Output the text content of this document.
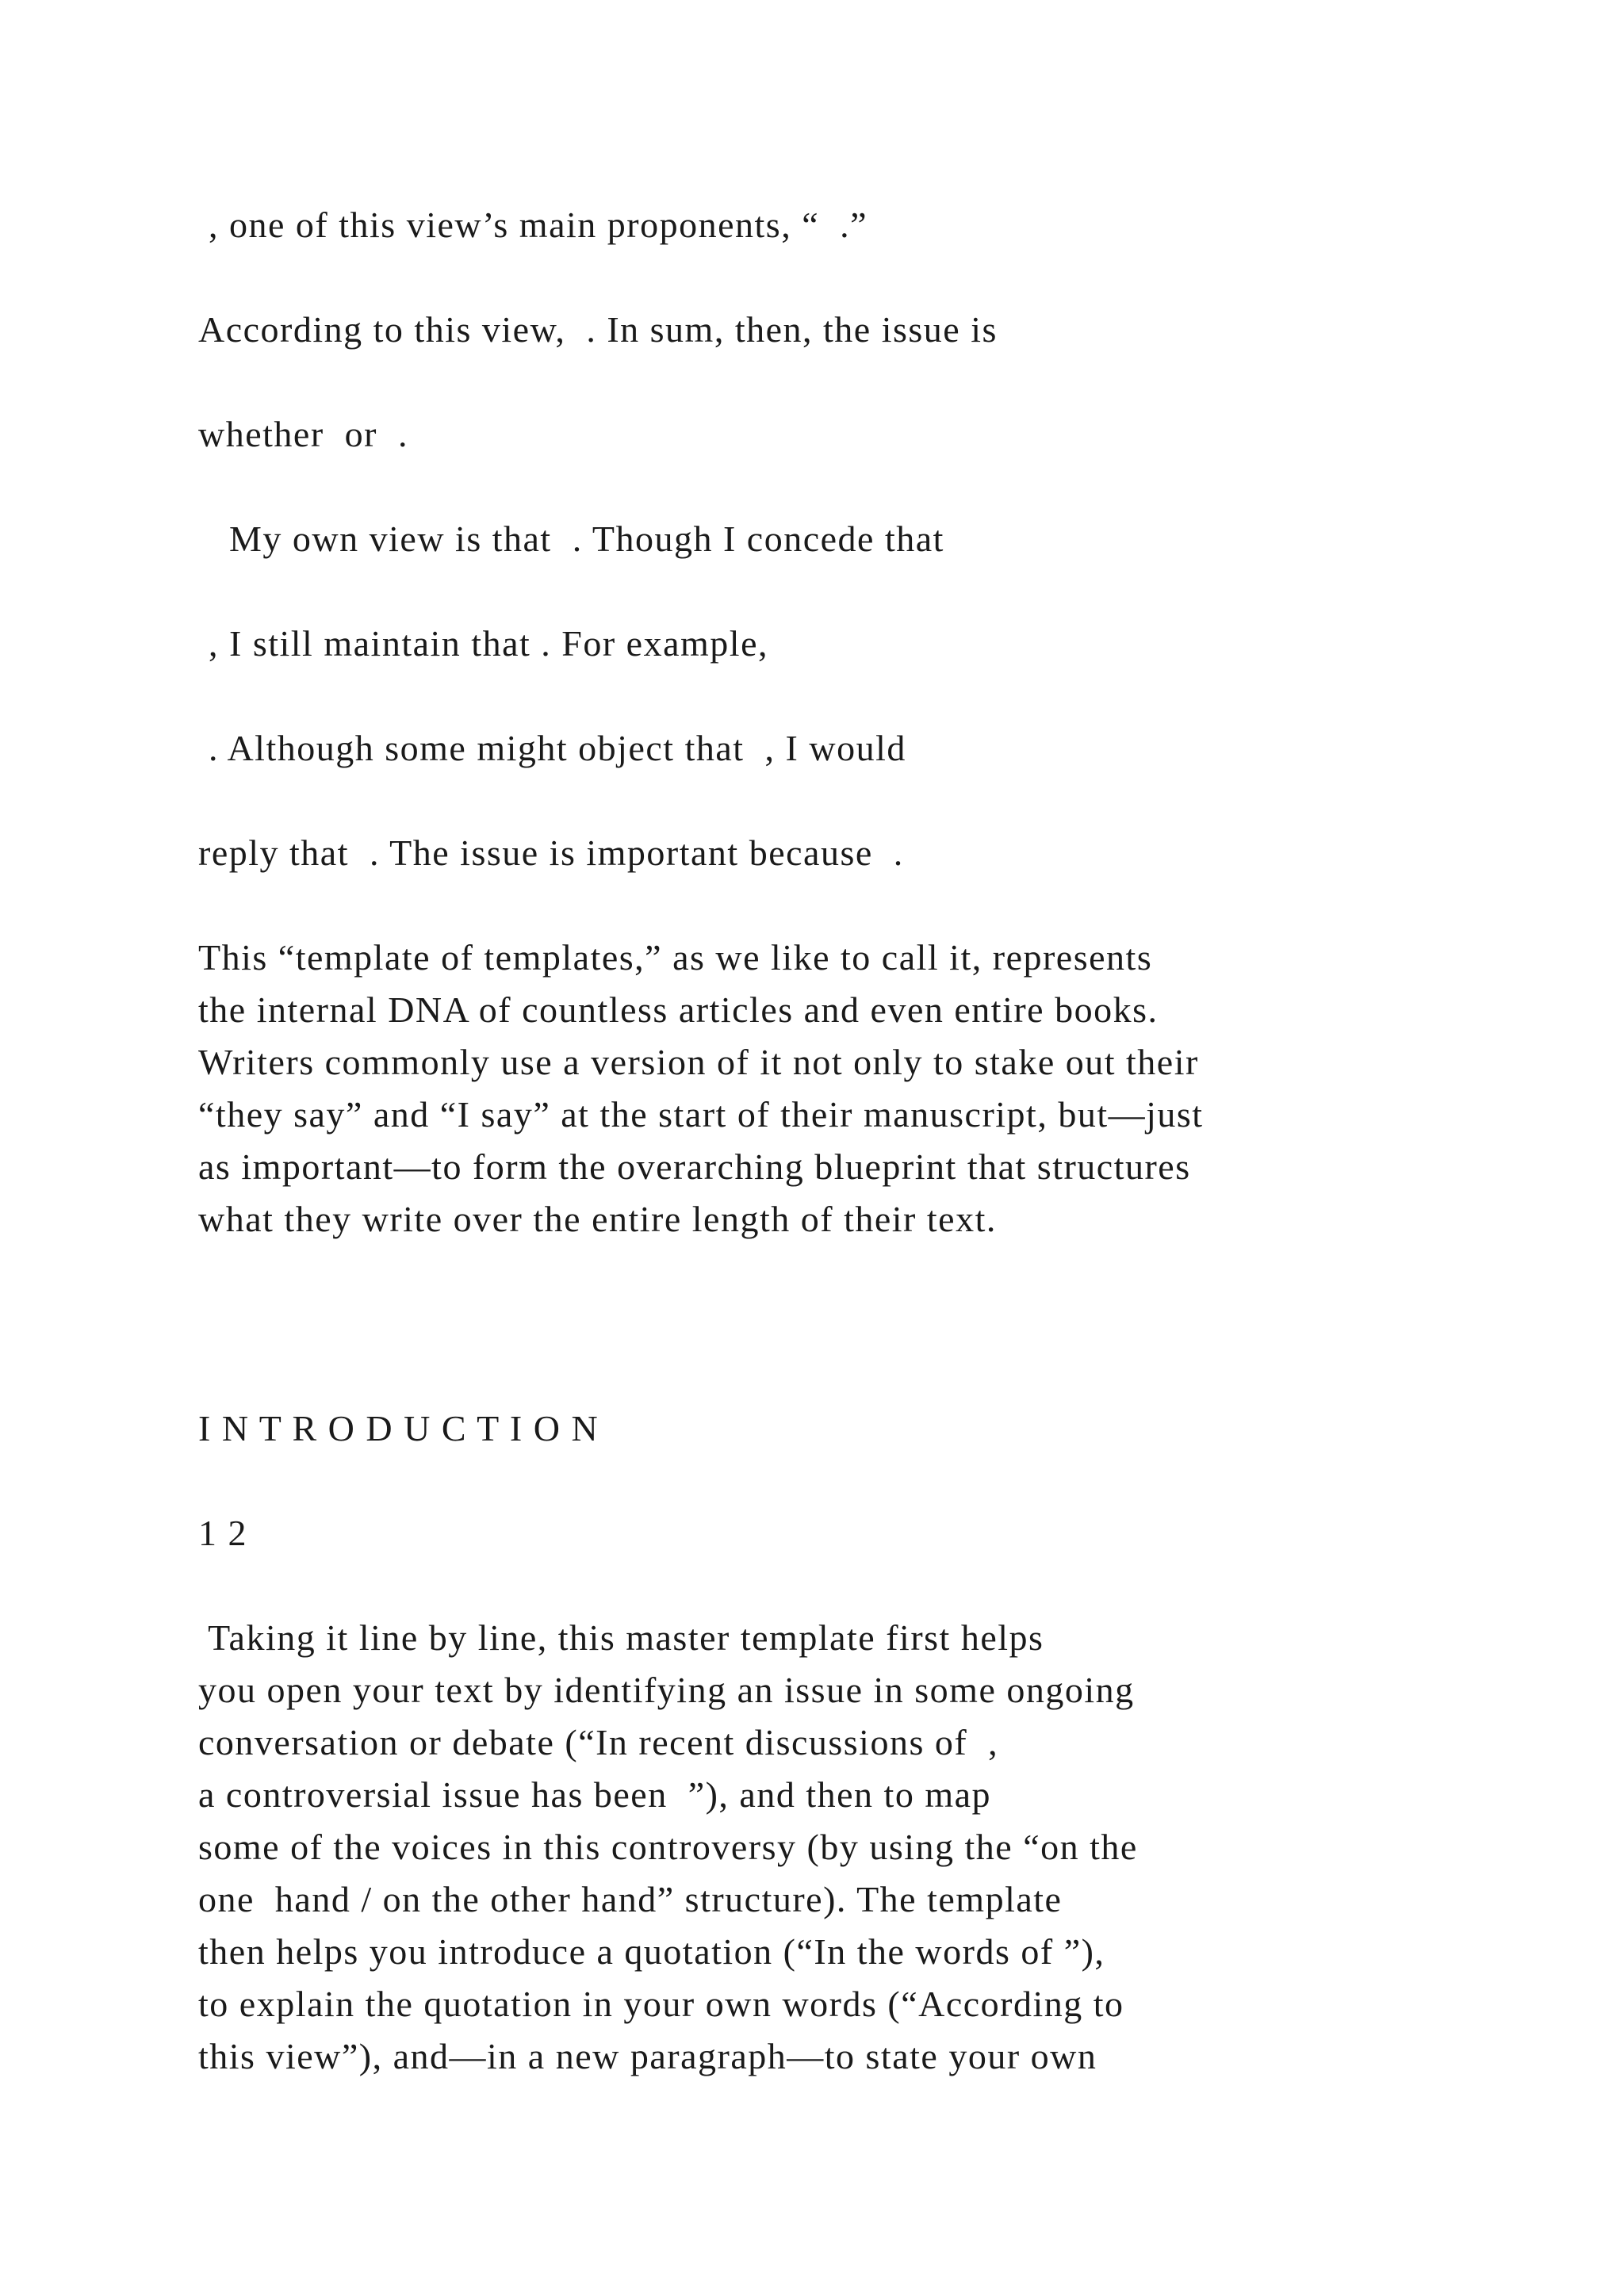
, one of this view’s main proponents, “  .”

According to this view,  . In sum, then, the issue is

whether  or  .

My own view is that  . Though I concede that

, I still maintain that . For example,

. Although some might object that  , I would

reply that  . The issue is important because  .

This “template of templates,” as we like to call it, represents

the internal DNA of countless articles and even entire books.

Writers commonly use a version of it not only to stake out their

“they say” and “I say” at the start of their manuscript, but—just

as important—to form the overarching blueprint that structures

what they write over the entire length of their text.

I N T R O D U C T I O N

1 2

Taking it line by line, this master template first helps

you open your text by identifying an issue in some ongoing

conversation or debate (“In recent discussions of  ,

a controversial issue has been  ”), and then to map

some of the voices in this controversy (by using the “on the

one  hand / on the other hand” structure). The template

then helps you introduce a quotation (“In the words of ”),

to explain the quotation in your own words (“According to

this view”), and—in a new paragraph—to state your own
